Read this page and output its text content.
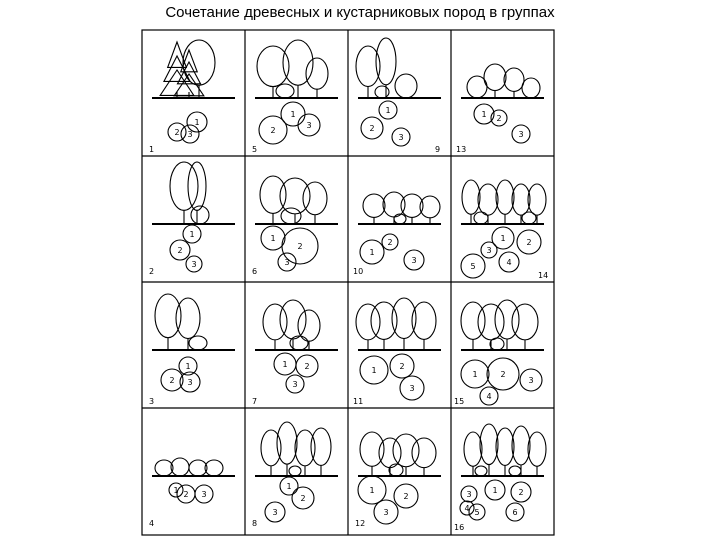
Сочетание древесных и кустарниковых пород в группах
1
2 3
1
1
2
3
5
1
2
3
9
1 2
3
13
1
2
3
2
1
2
3
6
1
2
3
10
1	2
3
4
5
14
1
2 3
3
1 2
3
7
1	2
3
11
1	2
3
4
15
1 2 3
4
1
2
3
8
1
2
3
12
1	2
3
4 5	6
16
